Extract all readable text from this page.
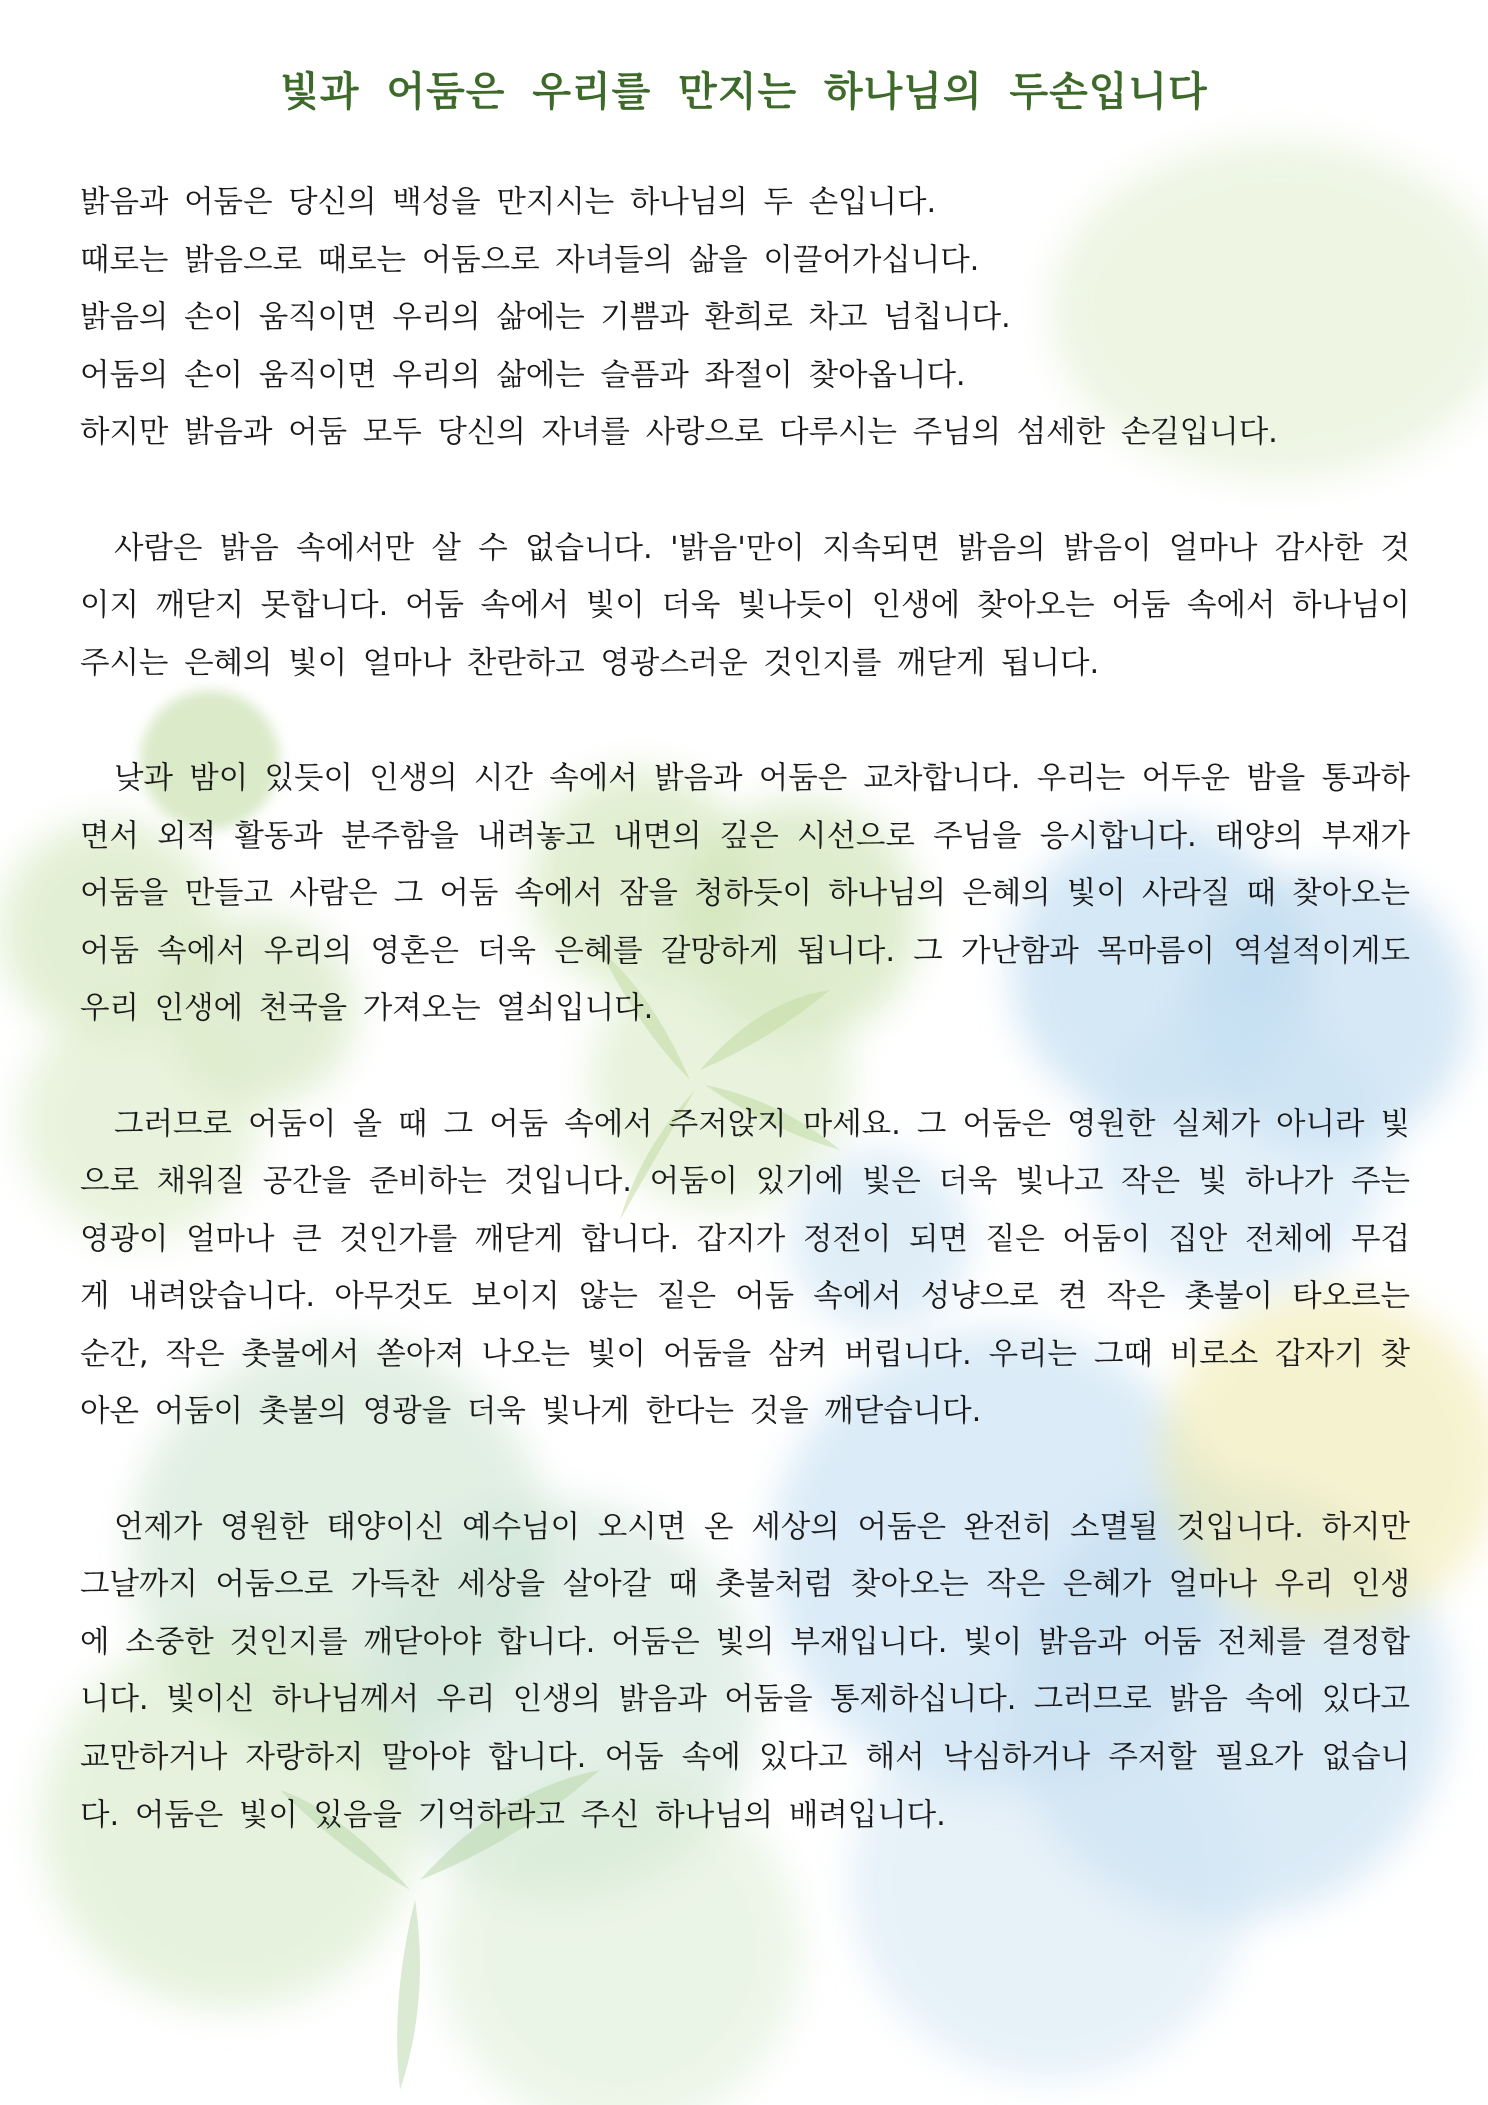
빛과 어둠은 우리를 만지는 하나님의 두손입니다

밝음과 어둠은 당신의 백성을 만지시는 하나님의 두 손입니다.

때로는 밝음으로 때로는 어둠으로 자녀들의 삶을 이끌어가십니다.

밝음의 손이 움직이면 우리의 삶에는 기쁨과 환희로 차고 넘칩니다.

어둠의 손이 움직이면 우리의 삶에는 슬픔과 좌절이 찾아옵니다.

하지만 밝음과 어둠 모두 당신의 자녀를 사랑으로 다루시는 주님의 섬세한 손길입니다.

사람은 밝음 속에서만 살 수 없습니다. '밝음'만이 지속되면 밝음의 밝음이 얼마나 감사한 것이지 깨닫지 못합니다. 어둠 속에서 빛이 더욱 빛나듯이 인생에 찾아오는 어둠 속에서 하나님이 주시는 은혜의 빛이 얼마나 찬란하고 영광스러운 것인지를 깨닫게 됩니다.

낮과 밤이 있듯이 인생의 시간 속에서 밝음과 어둠은 교차합니다. 우리는 어두운 밤을 통과하면서 외적 활동과 분주함을 내려놓고 내면의 깊은 시선으로 주님을 응시합니다. 태양의 부재가 어둠을 만들고 사람은 그 어둠 속에서 잠을 청하듯이 하나님의 은혜의 빛이 사라질 때 찾아오는 어둠 속에서 우리의 영혼은 더욱 은혜를 갈망하게 됩니다. 그 가난함과 목마름이 역설적이게도 우리 인생에 천국을 가져오는 열쇠입니다.

그러므로 어둠이 올 때 그 어둠 속에서 주저앉지 마세요. 그 어둠은 영원한 실체가 아니라 빛으로 채워질 공간을 준비하는 것입니다. 어둠이 있기에 빛은 더욱 빛나고 작은 빛 하나가 주는 영광이 얼마나 큰 것인가를 깨닫게 합니다. 갑지가 정전이 되면 짙은 어둠이 집안 전체에 무겁게 내려앉습니다. 아무것도 보이지 않는 짙은 어둠 속에서 성냥으로 켠 작은 촛불이 타오르는 순간, 작은 촛불에서 쏟아져 나오는 빛이 어둠을 삼켜 버립니다. 우리는 그때 비로소 갑자기 찾아온 어둠이 촛불의 영광을 더욱 빛나게 한다는 것을 깨닫습니다.

언제가 영원한 태양이신 예수님이 오시면 온 세상의 어둠은 완전히 소멸될 것입니다. 하지만 그날까지 어둠으로 가득찬 세상을 살아갈 때 촛불처럼 찾아오는 작은 은혜가 얼마나 우리 인생에 소중한 것인지를 깨닫아야 합니다. 어둠은 빛의 부재입니다. 빛이 밝음과 어둠 전체를 결정합니다. 빛이신 하나님께서 우리 인생의 밝음과 어둠을 통제하십니다. 그러므로 밝음 속에 있다고 교만하거나 자랑하지 말아야 합니다. 어둠 속에 있다고 해서 낙심하거나 주저할 필요가 없습니다. 어둠은 빛이 있음을 기억하라고 주신 하나님의 배려입니다.
